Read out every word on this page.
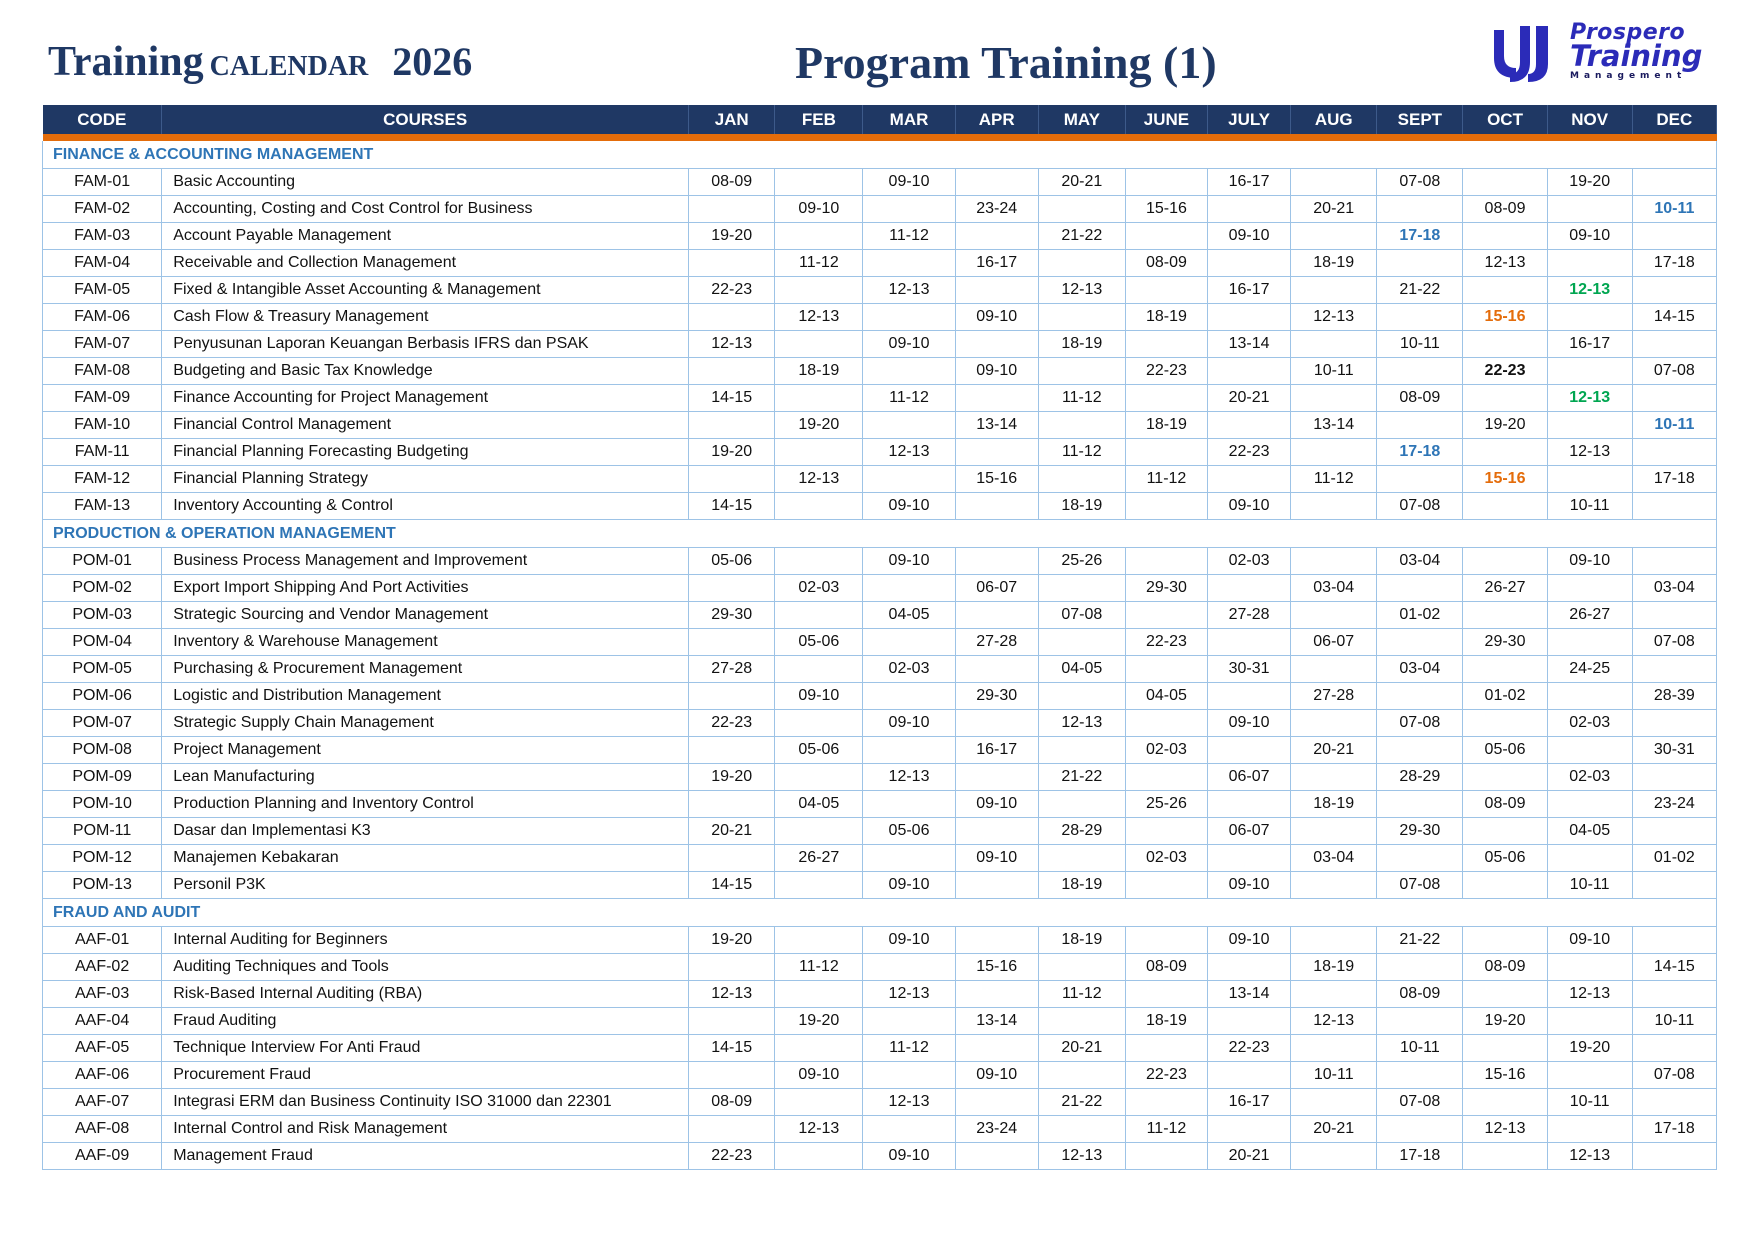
Training CALENDAR 2026	Program Training (1)
Prospero
Training
Management
CODE	COURSES	JAN	FEB	MAR	APR	MAY	JUNE	JULY	AUG	SEPT	OCT	NOV	DEC

FINANCE & ACCOUNTING MANAGEMENT													
FAM-01	Basic Accounting	08-09		09-10		20-21		16-17		07-08		19-20	
FAM-02	Accounting, Costing and Cost Control for Business		09-10		23-24		15-16		20-21		08-09		10-11
FAM-03	Account Payable Management	19-20		11-12		21-22		09-10		17-18		09-10	
FAM-04	Receivable and Collection Management		11-12		16-17		08-09		18-19		12-13		17-18
FAM-05	Fixed & Intangible Asset Accounting & Management	22-23		12-13		12-13		16-17		21-22		12-13	
FAM-06	Cash Flow & Treasury Management		12-13		09-10		18-19		12-13		15-16		14-15
FAM-07	Penyusunan Laporan Keuangan Berbasis IFRS dan PSAK	12-13		09-10		18-19		13-14		10-11		16-17	
FAM-08	Budgeting and Basic Tax Knowledge		18-19		09-10		22-23		10-11		22-23		07-08
FAM-09	Finance Accounting for Project Management	14-15		11-12		11-12		20-21		08-09		12-13	
FAM-10	Financial Control Management		19-20		13-14		18-19		13-14		19-20		10-11
FAM-11	Financial Planning Forecasting Budgeting	19-20		12-13		11-12		22-23		17-18		12-13	
FAM-12	Financial Planning Strategy		12-13		15-16		11-12		11-12		15-16		17-18
FAM-13	Inventory Accounting & Control	14-15		09-10		18-19		09-10		07-08		10-11	
PRODUCTION & OPERATION MANAGEMENT													
POM-01	Business Process Management and Improvement	05-06		09-10		25-26		02-03		03-04		09-10	
POM-02	Export Import Shipping And Port Activities		02-03		06-07		29-30		03-04		26-27		03-04
POM-03	Strategic Sourcing and Vendor Management	29-30		04-05		07-08		27-28		01-02		26-27	
POM-04	Inventory & Warehouse Management		05-06		27-28		22-23		06-07		29-30		07-08
POM-05	Purchasing & Procurement Management	27-28		02-03		04-05		30-31		03-04		24-25	
POM-06	Logistic and Distribution Management		09-10		29-30		04-05		27-28		01-02		28-39
POM-07	Strategic Supply Chain Management	22-23		09-10		12-13		09-10		07-08		02-03	
POM-08	Project Management		05-06		16-17		02-03		20-21		05-06		30-31
POM-09	Lean Manufacturing	19-20		12-13		21-22		06-07		28-29		02-03	
POM-10	Production Planning and Inventory Control		04-05		09-10		25-26		18-19		08-09		23-24
POM-11	Dasar dan Implementasi K3	20-21		05-06		28-29		06-07		29-30		04-05	
POM-12	Manajemen Kebakaran		26-27		09-10		02-03		03-04		05-06		01-02
POM-13	Personil P3K	14-15		09-10		18-19		09-10		07-08		10-11	
FRAUD AND AUDIT													
AAF-01	Internal Auditing for Beginners	19-20		09-10		18-19		09-10		21-22		09-10	
AAF-02	Auditing Techniques and Tools		11-12		15-16		08-09		18-19		08-09		14-15
AAF-03	Risk-Based Internal Auditing (RBA)	12-13		12-13		11-12		13-14		08-09		12-13	
AAF-04	Fraud Auditing		19-20		13-14		18-19		12-13		19-20		10-11
AAF-05	Technique Interview For Anti Fraud	14-15		11-12		20-21		22-23		10-11		19-20	
AAF-06	Procurement Fraud		09-10		09-10		22-23		10-11		15-16		07-08
AAF-07	Integrasi ERM dan Business Continuity ISO 31000 dan 22301	08-09		12-13		21-22		16-17		07-08		10-11	
AAF-08	Internal Control and Risk Management		12-13		23-24		11-12		20-21		12-13		17-18
AAF-09	Management Fraud	22-23		09-10		12-13		20-21		17-18		12-13	
